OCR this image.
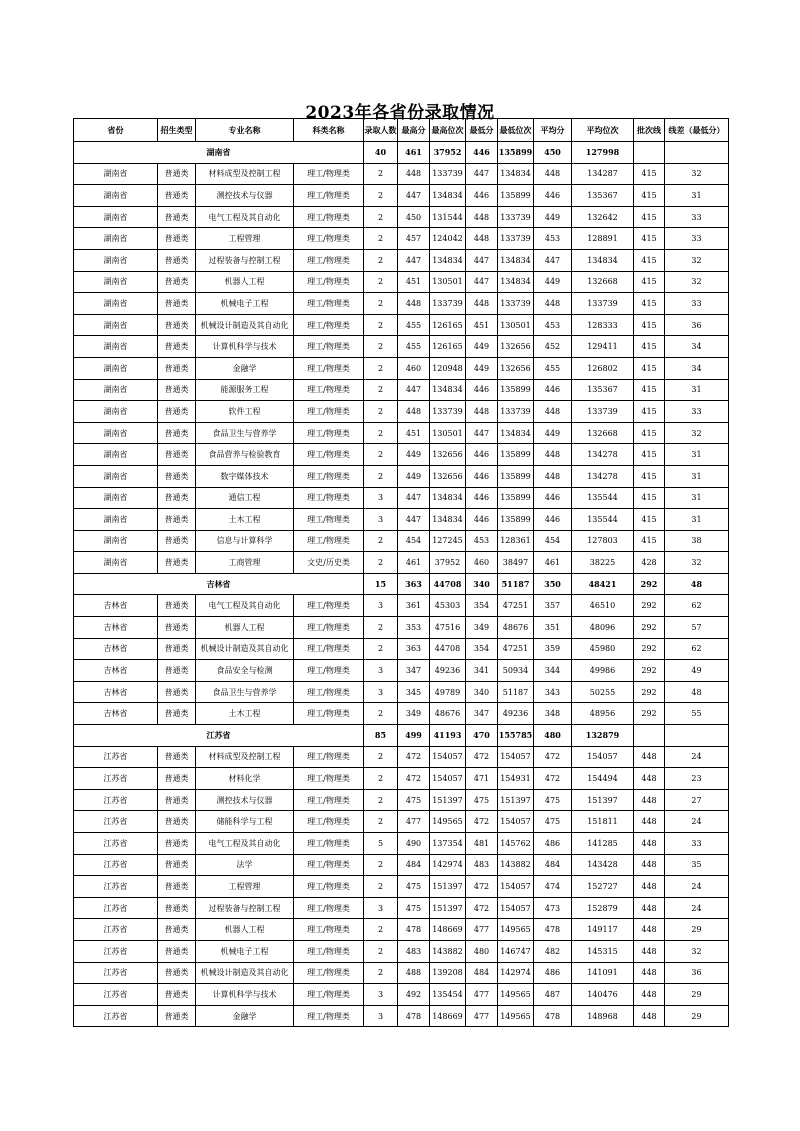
2023年各省份录取情况
省份	招生类型	专业名称	科类名称	录取人数	最高分	最高位次	最低分	最低位次	平均分	平均位次	批次线	线差（最低分）
湖南省				40	461	37952	446	135899	450	127998		
湖南省	普通类	材料成型及控制工程	理工/物理类	2	448	133739	447	134834	448	134287	415	32
湖南省	普通类	测控技术与仪器	理工/物理类	2	447	134834	446	135899	446	135367	415	31
湖南省	普通类	电气工程及其自动化	理工/物理类	2	450	131544	448	133739	449	132642	415	33
湖南省	普通类	工程管理	理工/物理类	2	457	124042	448	133739	453	128891	415	33
湖南省	普通类	过程装备与控制工程	理工/物理类	2	447	134834	447	134834	447	134834	415	32
湖南省	普通类	机器人工程	理工/物理类	2	451	130501	447	134834	449	132668	415	32
湖南省	普通类	机械电子工程	理工/物理类	2	448	133739	448	133739	448	133739	415	33
湖南省	普通类	机械设计制造及其自动化	理工/物理类	2	455	126165	451	130501	453	128333	415	36
湖南省	普通类	计算机科学与技术	理工/物理类	2	455	126165	449	132656	452	129411	415	34
湖南省	普通类	金融学	理工/物理类	2	460	120948	449	132656	455	126802	415	34
湖南省	普通类	能源服务工程	理工/物理类	2	447	134834	446	135899	446	135367	415	31
湖南省	普通类	软件工程	理工/物理类	2	448	133739	448	133739	448	133739	415	33
湖南省	普通类	食品卫生与营养学	理工/物理类	2	451	130501	447	134834	449	132668	415	32
湖南省	普通类	食品营养与检验教育	理工/物理类	2	449	132656	446	135899	448	134278	415	31
湖南省	普通类	数字媒体技术	理工/物理类	2	449	132656	446	135899	448	134278	415	31
湖南省	普通类	通信工程	理工/物理类	3	447	134834	446	135899	446	135544	415	31
湖南省	普通类	土木工程	理工/物理类	3	447	134834	446	135899	446	135544	415	31
湖南省	普通类	信息与计算科学	理工/物理类	2	454	127245	453	128361	454	127803	415	38
湖南省	普通类	工商管理	文史/历史类	2	461	37952	460	38497	461	38225	428	32
吉林省				15	363	44708	340	51187	350	48421	292	48
吉林省	普通类	电气工程及其自动化	理工/物理类	3	361	45303	354	47251	357	46510	292	62
吉林省	普通类	机器人工程	理工/物理类	2	353	47516	349	48676	351	48096	292	57
吉林省	普通类	机械设计制造及其自动化	理工/物理类	2	363	44708	354	47251	359	45980	292	62
吉林省	普通类	食品安全与检测	理工/物理类	3	347	49236	341	50934	344	49986	292	49
吉林省	普通类	食品卫生与营养学	理工/物理类	3	345	49789	340	51187	343	50255	292	48
吉林省	普通类	土木工程	理工/物理类	2	349	48676	347	49236	348	48956	292	55
江苏省				85	499	41193	470	155785	480	132879		
江苏省	普通类	材料成型及控制工程	理工/物理类	2	472	154057	472	154057	472	154057	448	24
江苏省	普通类	材料化学	理工/物理类	2	472	154057	471	154931	472	154494	448	23
江苏省	普通类	测控技术与仪器	理工/物理类	2	475	151397	475	151397	475	151397	448	27
江苏省	普通类	储能科学与工程	理工/物理类	2	477	149565	472	154057	475	151811	448	24
江苏省	普通类	电气工程及其自动化	理工/物理类	5	490	137354	481	145762	486	141285	448	33
江苏省	普通类	法学	理工/物理类	2	484	142974	483	143882	484	143428	448	35
江苏省	普通类	工程管理	理工/物理类	2	475	151397	472	154057	474	152727	448	24
江苏省	普通类	过程装备与控制工程	理工/物理类	3	475	151397	472	154057	473	152879	448	24
江苏省	普通类	机器人工程	理工/物理类	2	478	148669	477	149565	478	149117	448	29
江苏省	普通类	机械电子工程	理工/物理类	2	483	143882	480	146747	482	145315	448	32
江苏省	普通类	机械设计制造及其自动化	理工/物理类	2	488	139208	484	142974	486	141091	448	36
江苏省	普通类	计算机科学与技术	理工/物理类	3	492	135454	477	149565	487	140476	448	29
江苏省	普通类	金融学	理工/物理类	3	478	148669	477	149565	478	148968	448	29
